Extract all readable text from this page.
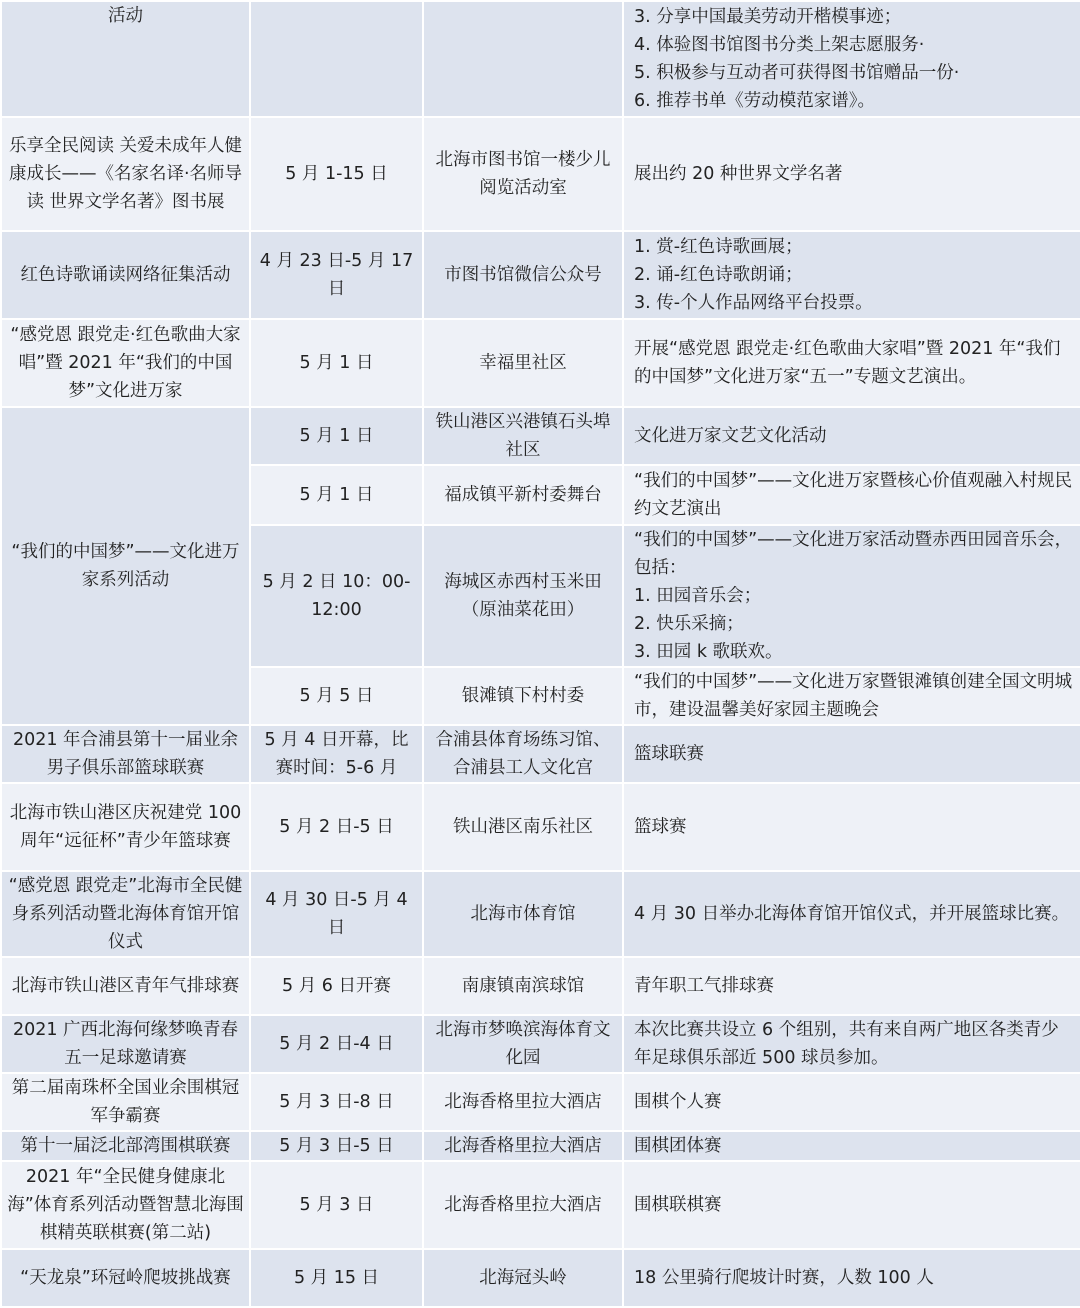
活动			3. 分享中国最美劳动开楷模事迹；
4. 体验图书馆图书分类上架志愿服务·
5. 积极参与互动者可获得图书馆赠品一份·
6. 推荐书单《劳动模范家谱》。

乐享全民阅读 关爱未成年人健康成长——《名家名译·名师导读 世界文学名著》图书展	5 月 1-15 日	北海市图书馆一楼少儿阅览活动室	展出约 20 种世界文学名著
红色诗歌诵读网络征集活动	4 月 23 日-5 月 17 日	市图书馆微信公众号	1. 赏-红色诗歌画展；
2. 诵-红色诗歌朗诵；
3. 传-个人作品网络平台投票。

“感党恩 跟党走·红色歌曲大家唱”暨 2021 年“我们的中国梦”文化进万家	5 月 1 日	幸福里社区	开展“感党恩 跟党走·红色歌曲大家唱”暨 2021 年“我们的中国梦”文化进万家“五一”专题文艺演出。
“我们的中国梦”——文化进万家系列活动	5 月 1 日	铁山港区兴港镇石头埠社区	文化进万家文艺文化活动
	5 月 1 日	福成镇平新村委舞台	“我们的中国梦”——文化进万家暨核心价值观融入村规民约文艺演出
	5 月 2 日 10：00-12:00	海城区赤西村玉米田（原油菜花田）	“我们的中国梦”——文化进万家活动暨赤西田园音乐会，包括：
1. 田园音乐会；
2. 快乐采摘；
3. 田园 k 歌联欢。

	5 月 5 日	银滩镇下村村委	“我们的中国梦”——文化进万家暨银滩镇创建全国文明城市，建设温馨美好家园主题晚会
2021 年合浦县第十一届业余男子俱乐部篮球联赛	5 月 4 日开幕，比赛时间：5-6 月	合浦县体育场练习馆、合浦县工人文化宫	篮球联赛
北海市铁山港区庆祝建党 100 周年“远征杯”青少年篮球赛	5 月 2 日-5 日	铁山港区南乐社区	篮球赛
“感党恩 跟党走”北海市全民健身系列活动暨北海体育馆开馆仪式	4 月 30 日-5 月 4 日	北海市体育馆	4 月 30 日举办北海体育馆开馆仪式，并开展篮球比赛。
北海市铁山港区青年气排球赛	5 月 6 日开赛	南康镇南滨球馆	青年职工气排球赛
2021 广西北海何缘梦唤青春五一足球邀请赛	5 月 2 日-4 日	北海市梦唤滨海体育文化园	本次比赛共设立 6 个组别，共有来自两广地区各类青少年足球俱乐部近 500 球员参加。
第二届南珠杯全国业余围棋冠军争霸赛	5 月 3 日-8 日	北海香格里拉大酒店	围棋个人赛
第十一届泛北部湾围棋联赛	5 月 3 日-5 日	北海香格里拉大酒店	围棋团体赛
2021 年“全民健身健康北海”体育系列活动暨智慧北海围棋精英联棋赛(第二站)	5 月 3 日	北海香格里拉大酒店	围棋联棋赛
“天龙泉”环冠岭爬坡挑战赛	5 月 15 日	北海冠头岭	18 公里骑行爬坡计时赛，人数 100 人
